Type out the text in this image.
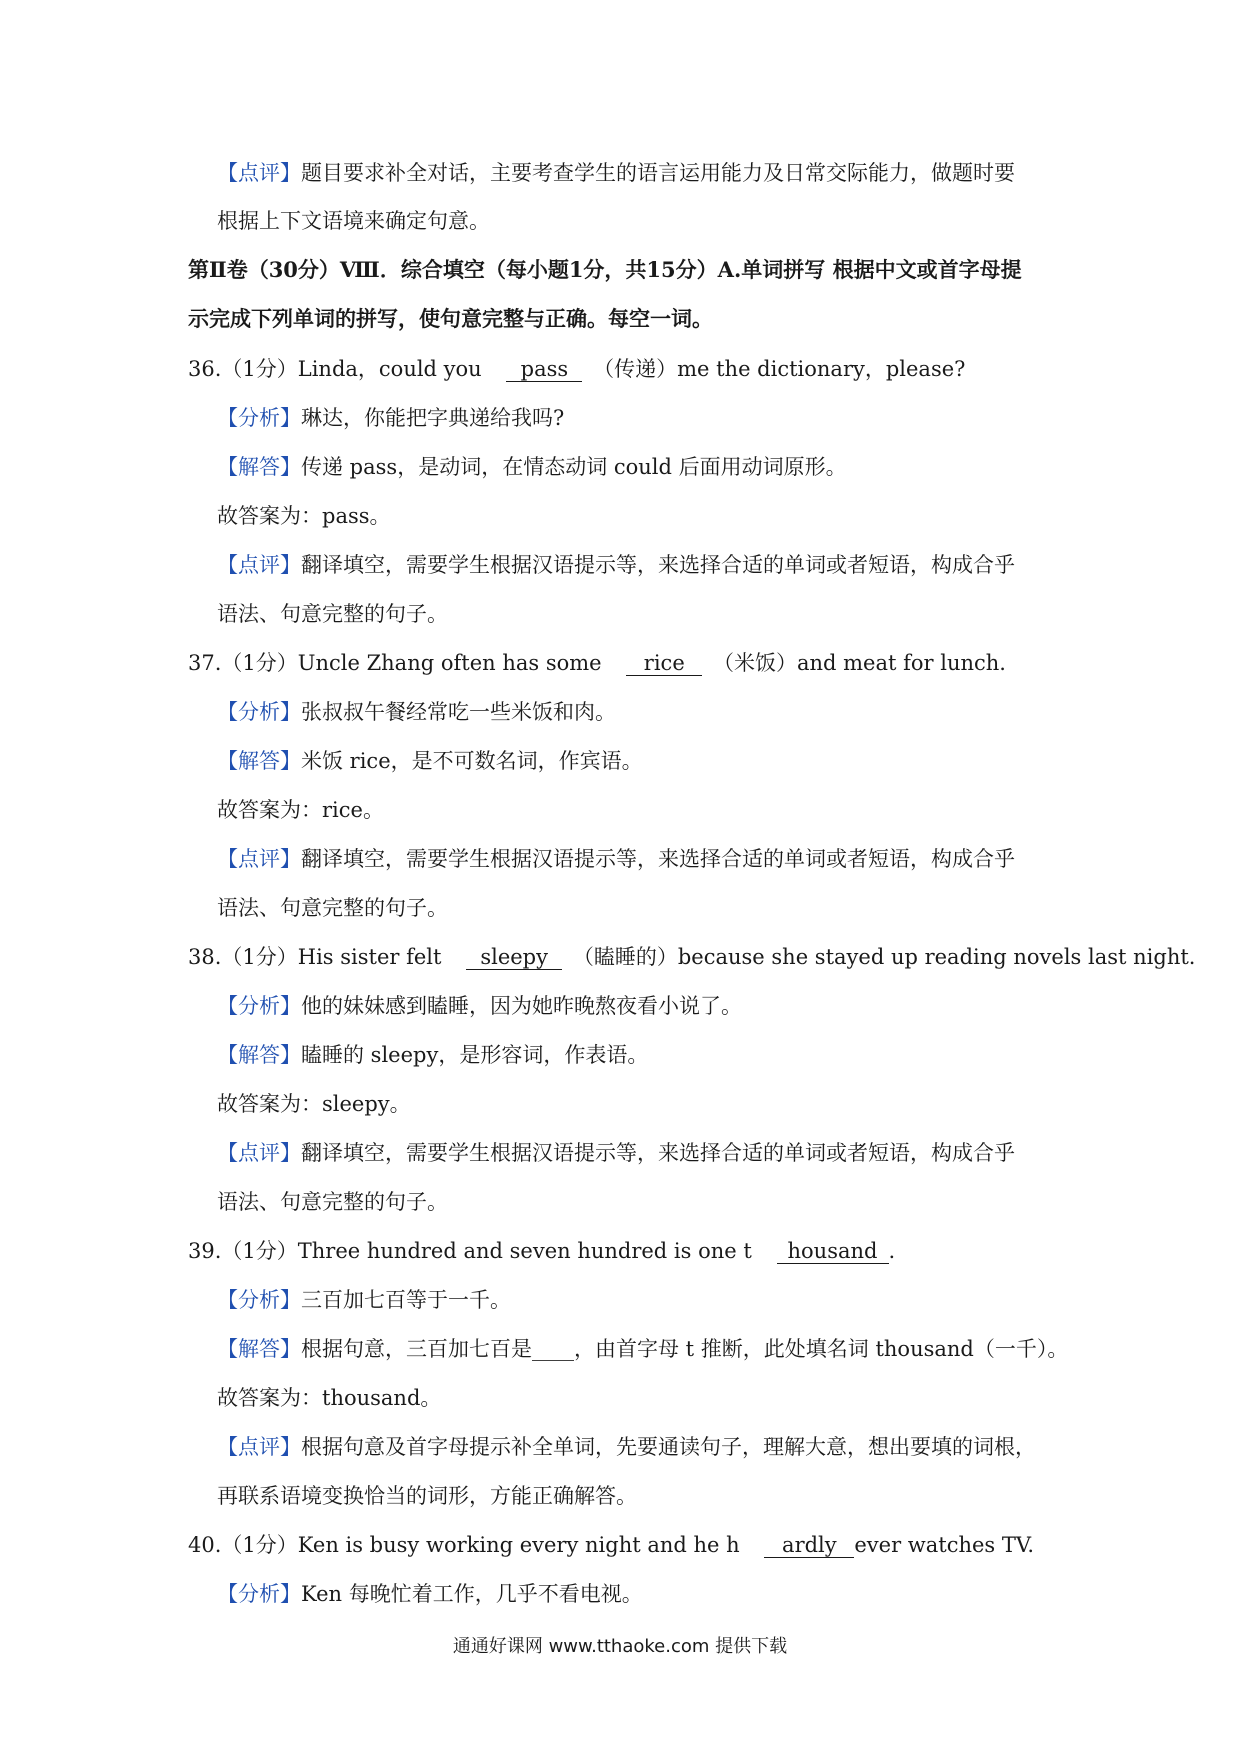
【点评】题目要求补全对话，主要考查学生的语言运用能力及日常交际能力，做题时要
根据上下文语境来确定句意。
第Ⅱ卷（30分）Ⅷ．综合填空（每小题1分，共15分）A.单词拼写 根据中文或首字母提
示完成下列单词的拼写，使句意完整与正确。每空一词。
36.（1分）Linda，could you pass （传递）me the dictionary，please?
【分析】琳达，你能把字典递给我吗?
【解答】传递 pass，是动词，在情态动词 could 后面用动词原形。
故答案为：pass。
【点评】翻译填空，需要学生根据汉语提示等，来选择合适的单词或者短语，构成合乎
语法、句意完整的句子。
37.（1分）Uncle Zhang often has some rice （米饭）and meat for lunch.
【分析】张叔叔午餐经常吃一些米饭和肉。
【解答】米饭 rice，是不可数名词，作宾语。
故答案为：rice。
【点评】翻译填空，需要学生根据汉语提示等，来选择合适的单词或者短语，构成合乎
语法、句意完整的句子。
38.（1分）His sister felt sleepy （瞌睡的）because she stayed up reading novels last night.
【分析】他的妹妹感到瞌睡，因为她昨晚熬夜看小说了。
【解答】瞌睡的 sleepy，是形容词，作表语。
故答案为：sleepy。
【点评】翻译填空，需要学生根据汉语提示等，来选择合适的单词或者短语，构成合乎
语法、句意完整的句子。
39.（1分）Three hundred and seven hundred is one t housand .
【分析】三百加七百等于一千。
【解答】根据句意，三百加七百是____，由首字母 t 推断，此处填名词 thousand（一千）。
故答案为：thousand。
【点评】根据句意及首字母提示补全单词，先要通读句子，理解大意，想出要填的词根，
再联系语境变换恰当的词形，方能正确解答。
40.（1分）Ken is busy working every night and he h ardly ever watches TV.
【分析】Ken 每晚忙着工作，几乎不看电视。
通通好课网 www.tthaoke.com 提供下载
